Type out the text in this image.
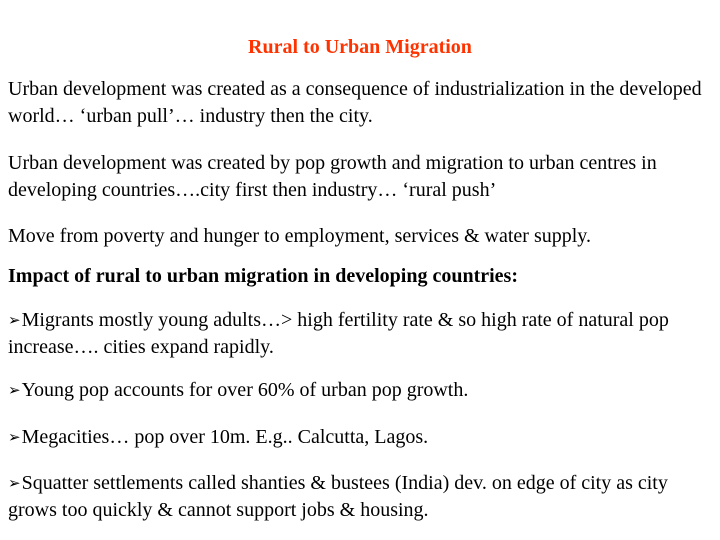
Rural to Urban Migration

Urban development was created as a consequence of industrialization in the developed world… ‘urban pull’… industry then the city.

Urban development was created by pop growth and migration to urban centres in developing countries….city first then industry… ‘rural push’

Move from poverty and hunger to employment, services & water supply.

Impact of rural to urban migration in developing countries:

➢Migrants mostly young adults…> high fertility rate & so high rate of natural pop increase…. cities expand rapidly.

➢Young pop accounts for over 60% of urban pop growth.

➢Megacities… pop over 10m. E.g.. Calcutta, Lagos.

➢Squatter settlements called shanties & bustees (India) dev. on edge of city as city grows too quickly & cannot support jobs & housing.
